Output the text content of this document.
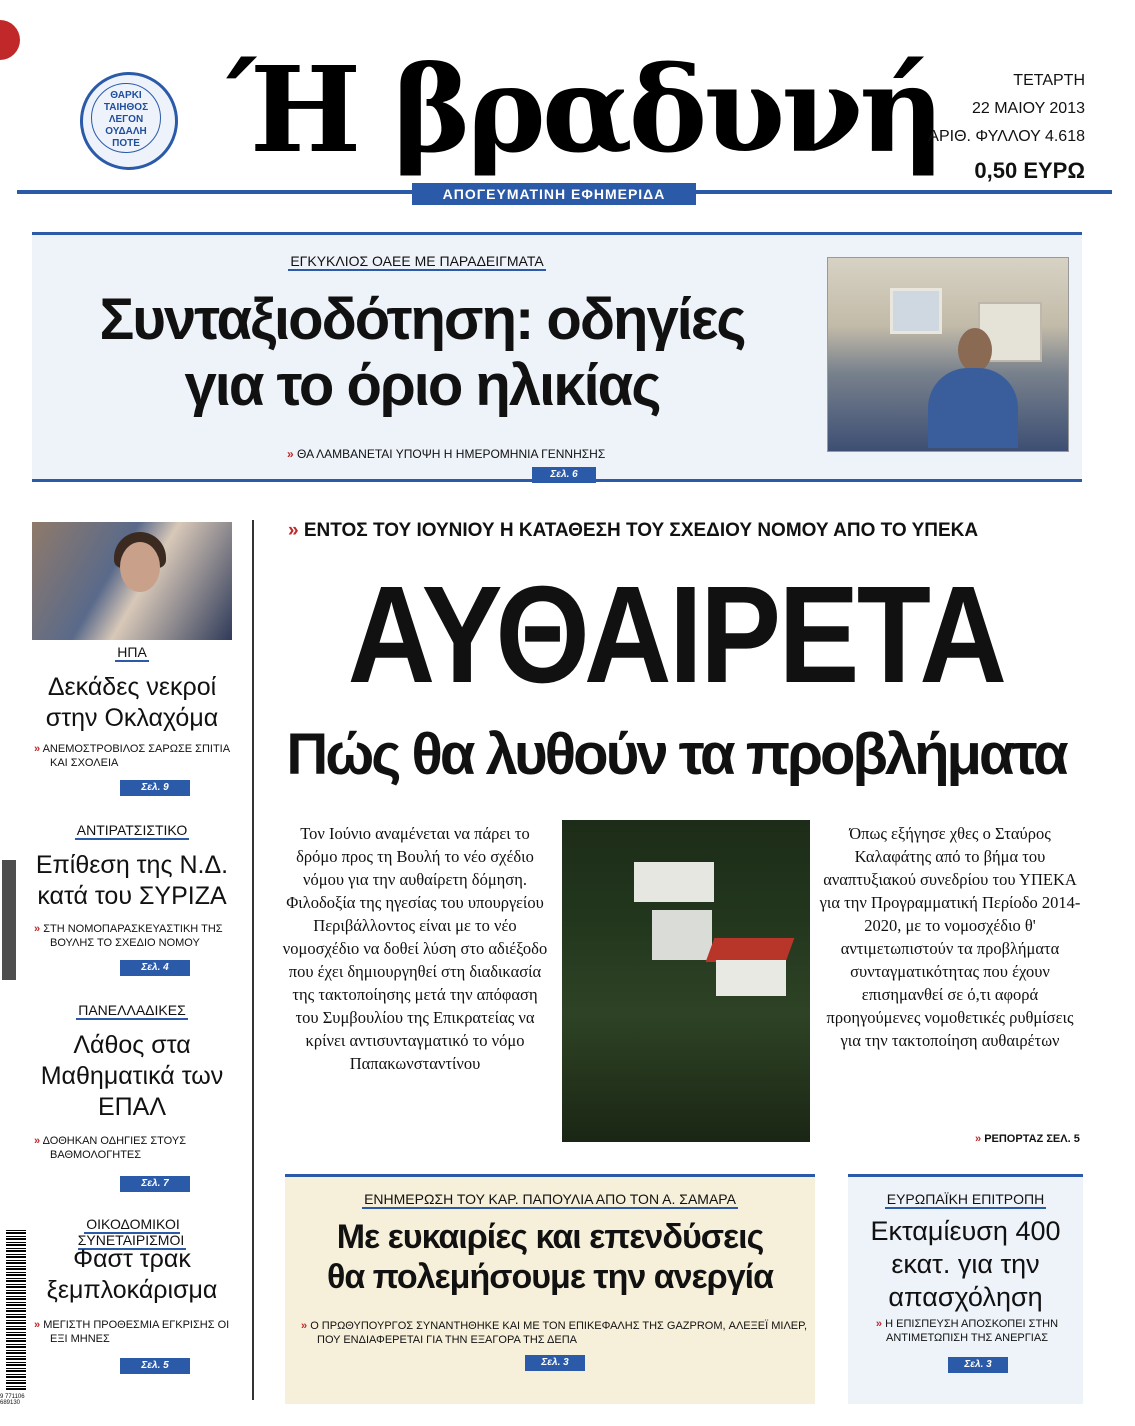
ΘΑΡΚΙ ΤΑΙΗΘΟΣ ΛΕΓΟΝ ΟΥΔΑΛΗ ΠΟΤΕ Ή βραδυνή
ΑΠΟΓΕΥΜΑΤΙΝΗ ΕΦΗΜΕΡΙΔΑ
ΤΕΤΑΡΤΗ
22 ΜΑΙΟΥ 2013
ΑΡΙΘ. ΦΥΛΛΟΥ 4.618
0,50 ΕΥΡΩ
ΕΓΚΥΚΛΙΟΣ ΟΑΕΕ ΜΕ ΠΑΡΑΔΕΙΓΜΑΤΑ
Συνταξιοδότηση: οδηγίες
για το όριο ηλικίας
» ΘΑ ΛΑΜΒΑΝΕΤΑΙ ΥΠΟΨΗ Η ΗΜΕΡΟΜΗΝΙΑ ΓΕΝΝΗΣΗΣ
Σελ. 6
ΗΠΑ
Δεκάδες νεκροί στην Οκλαχόμα
» ΑΝΕΜΟΣΤΡΟΒΙΛΟΣ ΣΑΡΩΣΕ ΣΠΙΤΙΑ ΚΑΙ ΣΧΟΛΕΙΑ
Σελ. 9
ΑΝΤΙΡΑΤΣΙΣΤΙΚΟ
Επίθεση της Ν.Δ. κατά του ΣΥΡΙΖΑ
» ΣΤΗ ΝΟΜΟΠΑΡΑΣΚΕΥΑΣΤΙΚΗ ΤΗΣ ΒΟΥΛΗΣ ΤΟ ΣΧΕΔΙΟ ΝΟΜΟΥ
Σελ. 4
ΠΑΝΕΛΛΑΔΙΚΕΣ
Λάθος στα Μαθηματικά των ΕΠΑΛ
» ΔΟΘΗΚΑΝ ΟΔΗΓΙΕΣ ΣΤΟΥΣ ΒΑΘΜΟΛΟΓΗΤΕΣ
Σελ. 7
ΟΙΚΟΔΟΜΙΚΟΙ ΣΥΝΕΤΑΙΡΙΣΜΟΙ
Φαστ τρακ ξεμπλοκάρισμα
» ΜΕΓΙΣΤΗ ΠΡΟΘΕΣΜΙΑ ΕΓΚΡΙΣΗΣ ΟΙ ΕΞΙ ΜΗΝΕΣ
Σελ. 5
9 771106 689130
» ΕΝΤΟΣ ΤΟΥ ΙΟΥΝΙΟΥ Η ΚΑΤΑΘΕΣΗ ΤΟΥ ΣΧΕΔΙΟΥ ΝΟΜΟΥ ΑΠΟ ΤΟ ΥΠΕΚΑ
ΑΥΘΑΙΡΕΤΑ
Πώς θα λυθούν τα προβλήματα
Τον Ιούνιο αναμένεται να πάρει το δρόμο προς τη Βουλή το νέο σχέδιο νόμου για την αυθαίρετη δόμηση. Φιλοδοξία της ηγεσίας του υπουργείου Περιβάλλοντος είναι με το νέο νομοσχέδιο να δοθεί λύση στο αδιέξοδο που έχει δημιουργηθεί στη διαδικασία της τακτοποίησης μετά την απόφαση του Συμβουλίου της Επικρατείας να κρίνει αντισυνταγματικό το νόμο Παπακωνσταντίνου
Όπως εξήγησε χθες ο Σταύρος Καλαφάτης από το βήμα του αναπτυξιακού συνεδρίου του ΥΠΕΚΑ για την Προγραμματική Περίοδο 2014-2020, με το νομοσχέδιο θ' αντιμετωπιστούν τα προβλήματα συνταγματικότητας που έχουν επισημανθεί σε ό,τι αφορά προηγούμενες νομοθετικές ρυθμίσεις για την τακτοποίηση αυθαιρέτων
» ΡΕΠΟΡΤΑΖ ΣΕΛ. 5
ΕΝΗΜΕΡΩΣΗ ΤΟΥ ΚΑΡ. ΠΑΠΟΥΛΙΑ ΑΠΟ ΤΟΝ Α. ΣΑΜΑΡΑ
Με ευκαιρίες και επενδύσεις
θα πολεμήσουμε την ανεργία
» Ο ΠΡΩΘΥΠΟΥΡΓΟΣ ΣΥΝΑΝΤΗΘΗΚΕ ΚΑΙ ΜΕ ΤΟΝ ΕΠΙΚΕΦΑΛΗΣ ΤΗΣ GAZPROM, ΑΛΕΞΕΪ ΜΙΛΕΡ, ΠΟΥ ΕΝΔΙΑΦΕΡΕΤΑΙ ΓΙΑ ΤΗΝ ΕΞΑΓΟΡΑ ΤΗΣ ΔΕΠΑ
Σελ. 3
ΕΥΡΩΠΑΪΚΗ ΕΠΙΤΡΟΠΗ
Εκταμίευση 400 εκατ. για την απασχόληση
» Η ΕΠΙΣΠΕΥΣΗ ΑΠΟΣΚΟΠΕΙ ΣΤΗΝ ΑΝΤΙΜΕΤΩΠΙΣΗ ΤΗΣ ΑΝΕΡΓΙΑΣ
Σελ. 3
